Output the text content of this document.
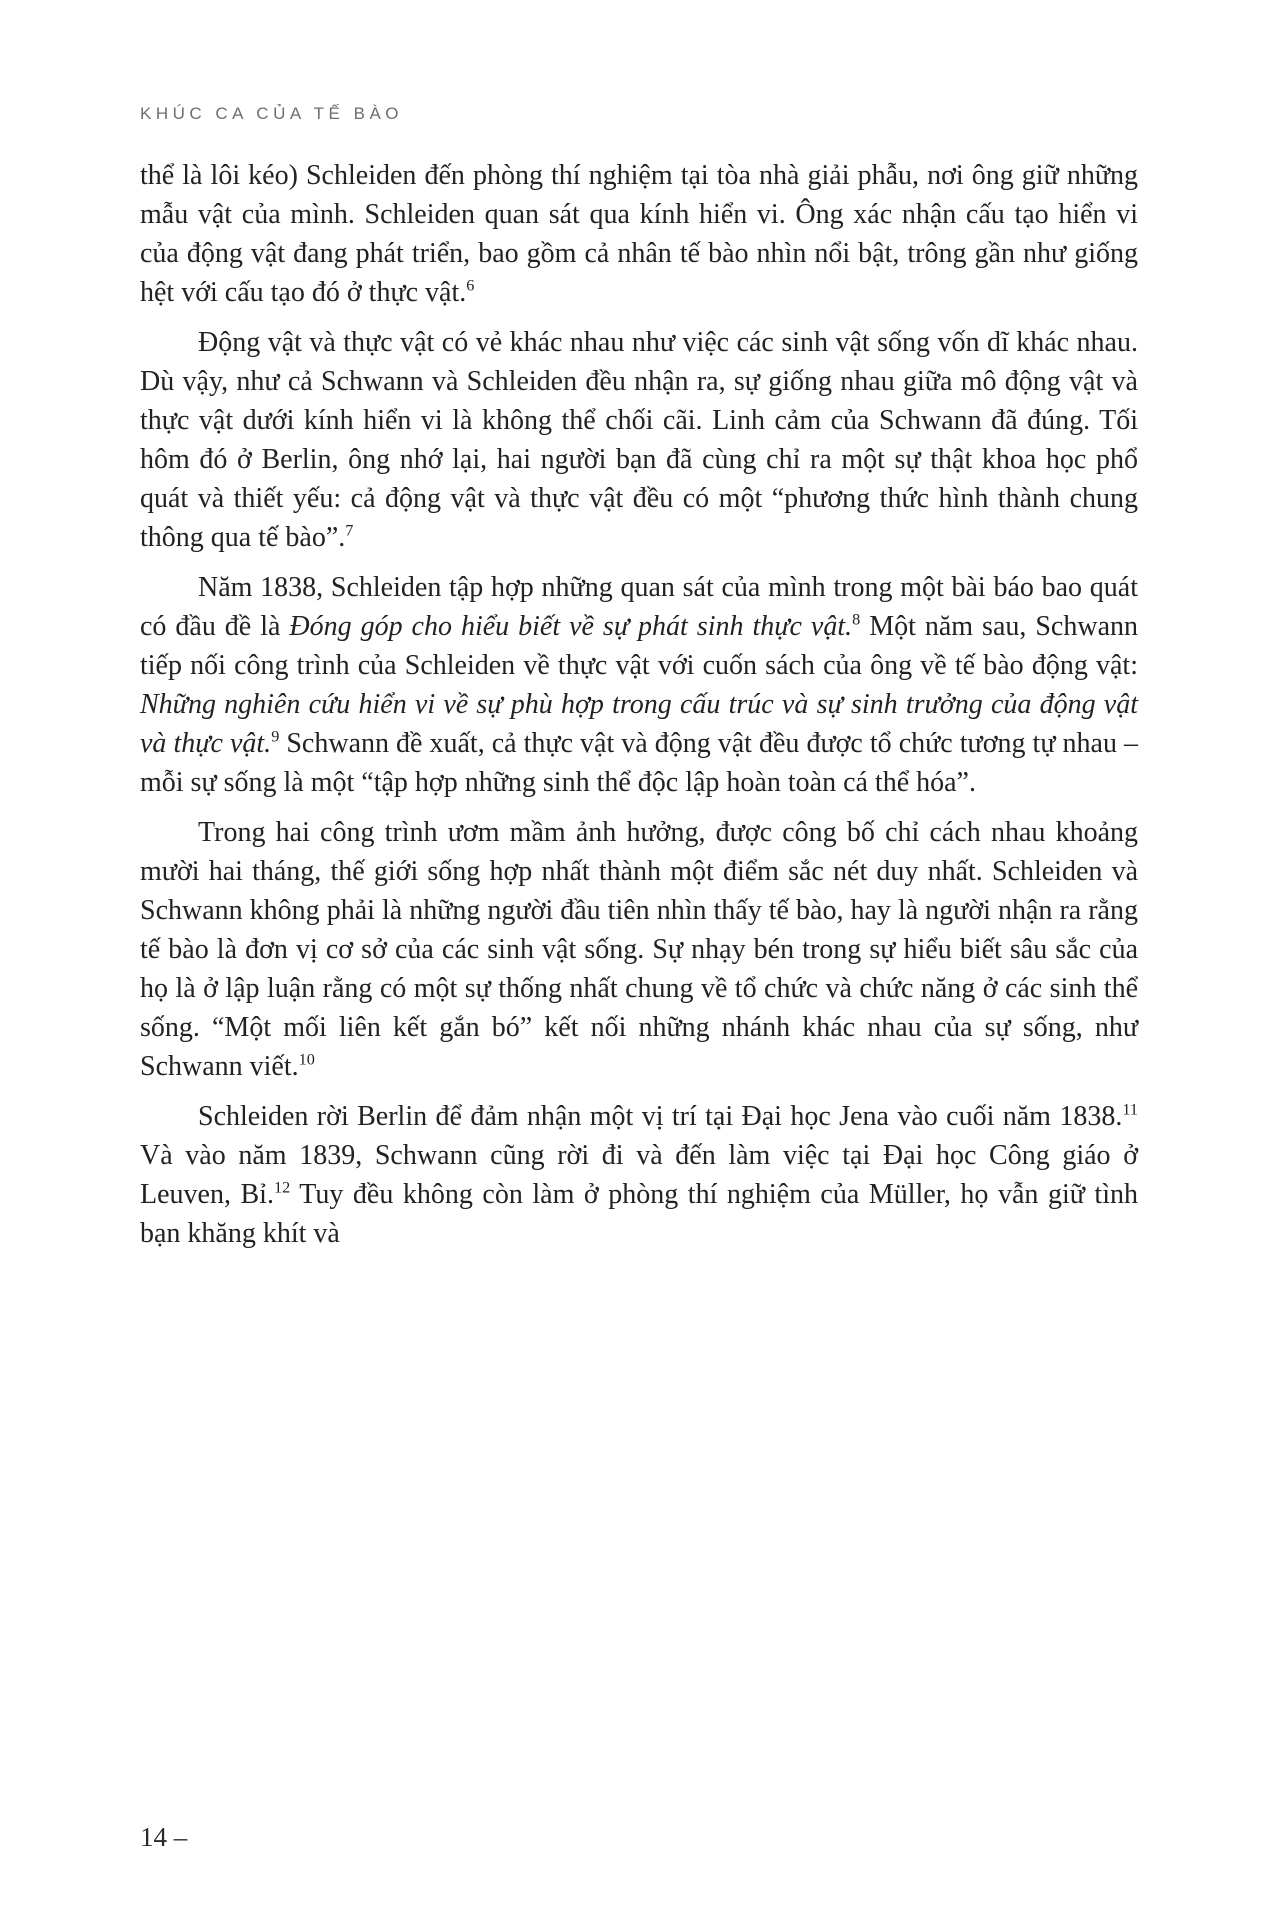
KHÚC CA CỦA TẾ BÀO

thể là lôi kéo) Schleiden đến phòng thí nghiệm tại tòa nhà giải phẫu, nơi ông giữ những mẫu vật của mình. Schleiden quan sát qua kính hiển vi. Ông xác nhận cấu tạo hiển vi của động vật đang phát triển, bao gồm cả nhân tế bào nhìn nổi bật, trông gần như giống hệt với cấu tạo đó ở thực vật.$^6$

Động vật và thực vật có vẻ khác nhau như việc các sinh vật sống vốn dĩ khác nhau. Dù vậy, như cả Schwann và Schleiden đều nhận ra, sự giống nhau giữa mô động vật và thực vật dưới kính hiển vi là không thể chối cãi. Linh cảm của Schwann đã đúng. Tối hôm đó ở Berlin, ông nhớ lại, hai người bạn đã cùng chỉ ra một sự thật khoa học phổ quát và thiết yếu: cả động vật và thực vật đều có một “phương thức hình thành chung thông qua tế bào”.$^7$

Năm 1838, Schleiden tập hợp những quan sát của mình trong một bài báo bao quát có đầu đề là Đóng góp cho hiểu biết về sự phát sinh thực vật.$^8$ Một năm sau, Schwann tiếp nối công trình của Schleiden về thực vật với cuốn sách của ông về tế bào động vật: Những nghiên cứu hiển vi về sự phù hợp trong cấu trúc và sự sinh trưởng của động vật và thực vật.$^9$ Schwann đề xuất, cả thực vật và động vật đều được tổ chức tương tự nhau – mỗi sự sống là một “tập hợp những sinh thể độc lập hoàn toàn cá thể hóa”.

Trong hai công trình ươm mầm ảnh hưởng, được công bố chỉ cách nhau khoảng mười hai tháng, thế giới sống hợp nhất thành một điểm sắc nét duy nhất. Schleiden và Schwann không phải là những người đầu tiên nhìn thấy tế bào, hay là người nhận ra rằng tế bào là đơn vị cơ sở của các sinh vật sống. Sự nhạy bén trong sự hiểu biết sâu sắc của họ là ở lập luận rằng có một sự thống nhất chung về tổ chức và chức năng ở các sinh thể sống. “Một mối liên kết gắn bó” kết nối những nhánh khác nhau của sự sống, như Schwann viết.$^{10}$

Schleiden rời Berlin để đảm nhận một vị trí tại Đại học Jena vào cuối năm 1838.11 Và vào năm 1839, Schwann cũng rời đi và đến làm việc tại Đại học Công giáo ở Leuven, Bỉ.$^{12}$ Tuy đều không còn làm ở phòng thí nghiệm của Müller, họ vẫn giữ tình bạn khăng khít và

14 –
